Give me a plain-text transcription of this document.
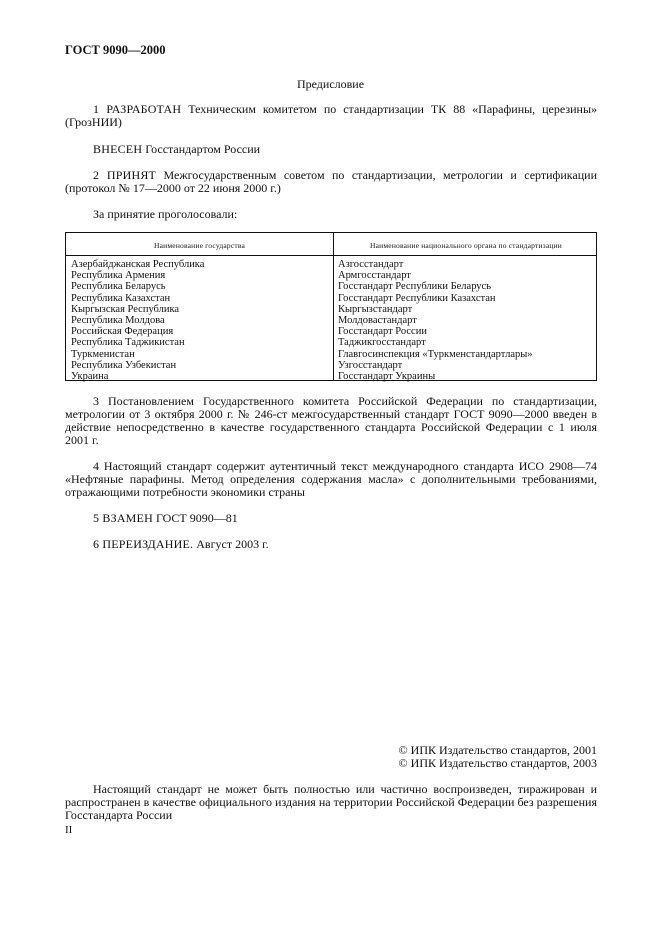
ГОСТ 9090—2000
Предисловие
1 РАЗРАБОТАН Техническим комитетом по стандартизации ТК 88 «Парафины, церезины» (ГрозНИИ)
ВНЕСЕН Госстандартом России
2 ПРИНЯТ Межгосударственным советом по стандартизации, метрологии и сертификации (протокол № 17—2000 от 22 июня 2000 г.)
За принятие проголосовали:
Наименование государства	Наименование национального органа по стандартизации
Азербайджанская Республика	Азгосстандарт
Республика Армения	Армгосстандарт
Республика Беларусь	Госстандарт Республики Беларусь
Республика Казахстан	Госстандарт Республики Казахстан
Кыргызская Республика	Кыргызстандарт
Республика Молдова	Молдовастандарт
Российская Федерация	Госстандарт России
Республика Таджикистан	Таджикгосстандарт
Туркменистан	Главгосинспекция «Туркменстандартлары»
Республика Узбекистан	Узгосстандарт
Украина	Госстандарт Украины
3 Постановлением Государственного комитета Российской Федерации по стандартизации, метрологии от 3 октября 2000 г. № 246-ст межгосударственный стандарт ГОСТ 9090—2000 введен в действие непосредственно в качестве государственного стандарта Российской Федерации с 1 июля 2001 г.
4 Настоящий стандарт содержит аутентичный текст международного стандарта ИСО 2908—74 «Нефтяные парафины. Метод определения содержания масла» с дополнительными требованиями, отражающими потребности экономики страны
5 ВЗАМЕН ГОСТ 9090—81
6 ПЕРЕИЗДАНИЕ. Август 2003 г.
© ИПК Издательство стандартов, 2001
© ИПК Издательство стандартов, 2003
Настоящий стандарт не может быть полностью или частично воспроизведен, тиражирован и распространен в качестве официального издания на территории Российской Федерации без разрешения Госстандарта России
II
